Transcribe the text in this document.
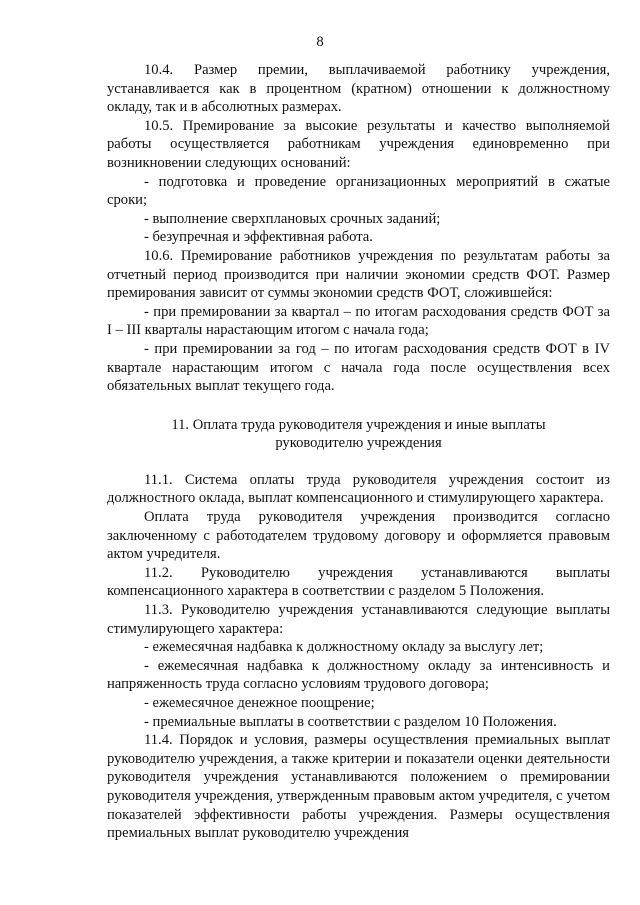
8

10.4. Размер премии, выплачиваемой работнику учреждения, устанавливается как в процентном (кратном) отношении к должностному окладу, так и в абсолютных размерах.

10.5. Премирование за высокие результаты и качество выполняемой работы осуществляется работникам учреждения единовременно при возникновении следующих оснований:

- подготовка и проведение организационных мероприятий в сжатые сроки;

- выполнение сверхплановых срочных заданий;

- безупречная и эффективная работа.

10.6. Премирование работников учреждения по результатам работы за отчетный период производится при наличии экономии средств ФОТ. Размер премирования зависит от суммы экономии средств ФОТ, сложившейся:

- при премировании за квартал – по итогам расходования средств ФОТ за I – III кварталы нарастающим итогом с начала года;

- при премировании за год – по итогам расходования средств ФОТ в IV квартале нарастающим итогом с начала года после осуществления всех обязательных выплат текущего года.

11. Оплата труда руководителя учреждения и иные выплаты

руководителю учреждения

11.1. Система оплаты труда руководителя учреждения состоит из должностного оклада, выплат компенсационного и стимулирующего характера.

Оплата труда руководителя учреждения производится согласно заключенному с работодателем трудовому договору и оформляется правовым актом учредителя.

11.2. Руководителю учреждения устанавливаются выплаты компенсационного характера в соответствии с разделом 5 Положения.

11.3. Руководителю учреждения устанавливаются следующие выплаты стимулирующего характера:

- ежемесячная надбавка к должностному окладу за выслугу лет;

- ежемесячная надбавка к должностному окладу за интенсивность и напряженность труда согласно условиям трудового договора;

- ежемесячное денежное поощрение;

- премиальные выплаты в соответствии с разделом 10 Положения.

11.4. Порядок и условия, размеры осуществления премиальных выплат руководителю учреждения, а также критерии и показатели оценки деятельности руководителя учреждения устанавливаются положением о премировании руководителя учреждения, утвержденным правовым актом учредителя, с учетом показателей эффективности работы учреждения. Размеры осуществления премиальных выплат руководителю учреждения
